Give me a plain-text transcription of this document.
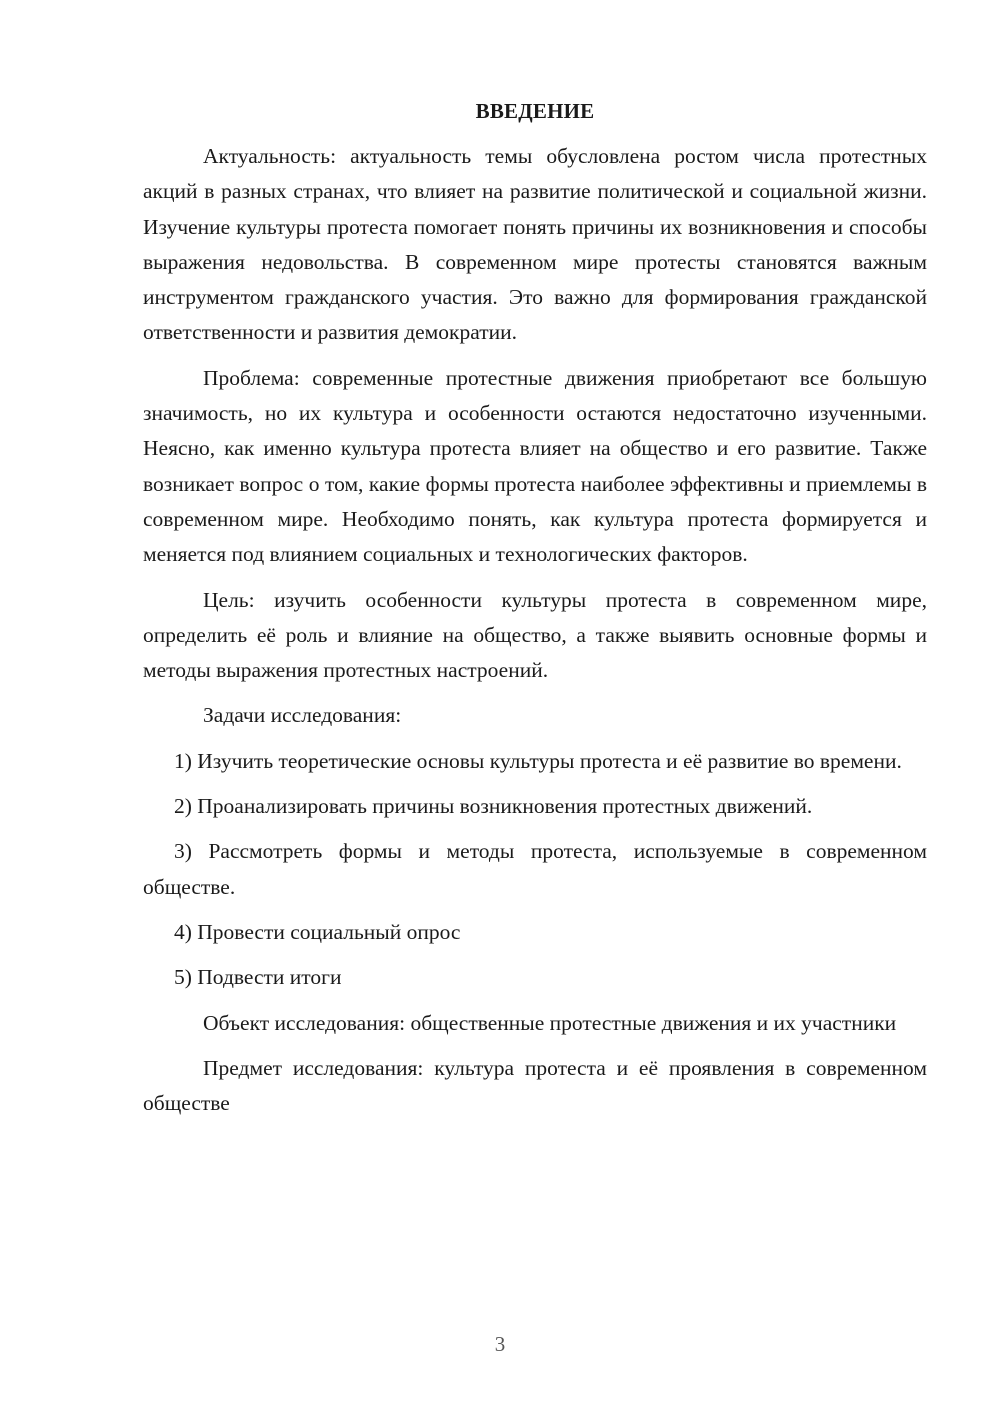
ВВЕДЕНИЕ

Актуальность: актуальность темы обусловлена ростом числа протестных акций в разных странах, что влияет на развитие политической и социальной жизни. Изучение культуры протеста помогает понять причины их возникновения и способы выражения недовольства. В современном мире протесты становятся важным инструментом гражданского участия. Это важно для формирования гражданской ответственности и развития демократии.

Проблема: современные протестные движения приобретают все большую значимость, но их культура и особенности остаются недостаточно изученными. Неясно, как именно культура протеста влияет на общество и его развитие. Также возникает вопрос о том, какие формы протеста наиболее эффективны и приемлемы в современном мире. Необходимо понять, как культура протеста формируется и меняется под влиянием социальных и технологических факторов.

Цель: изучить особенности культуры протеста в современном мире, определить её роль и влияние на общество, а также выявить основные формы и методы выражения протестных настроений.

Задачи исследования:

1) Изучить теоретические основы культуры протеста и её развитие во времени.

2) Проанализировать причины возникновения протестных движений.

3) Рассмотреть формы и методы протеста, используемые в современном обществе.

4) Провести социальный опрос

5) Подвести итоги

Объект исследования: общественные протестные движения и их участники

Предмет исследования: культура протеста и её проявления в современном обществе

3
